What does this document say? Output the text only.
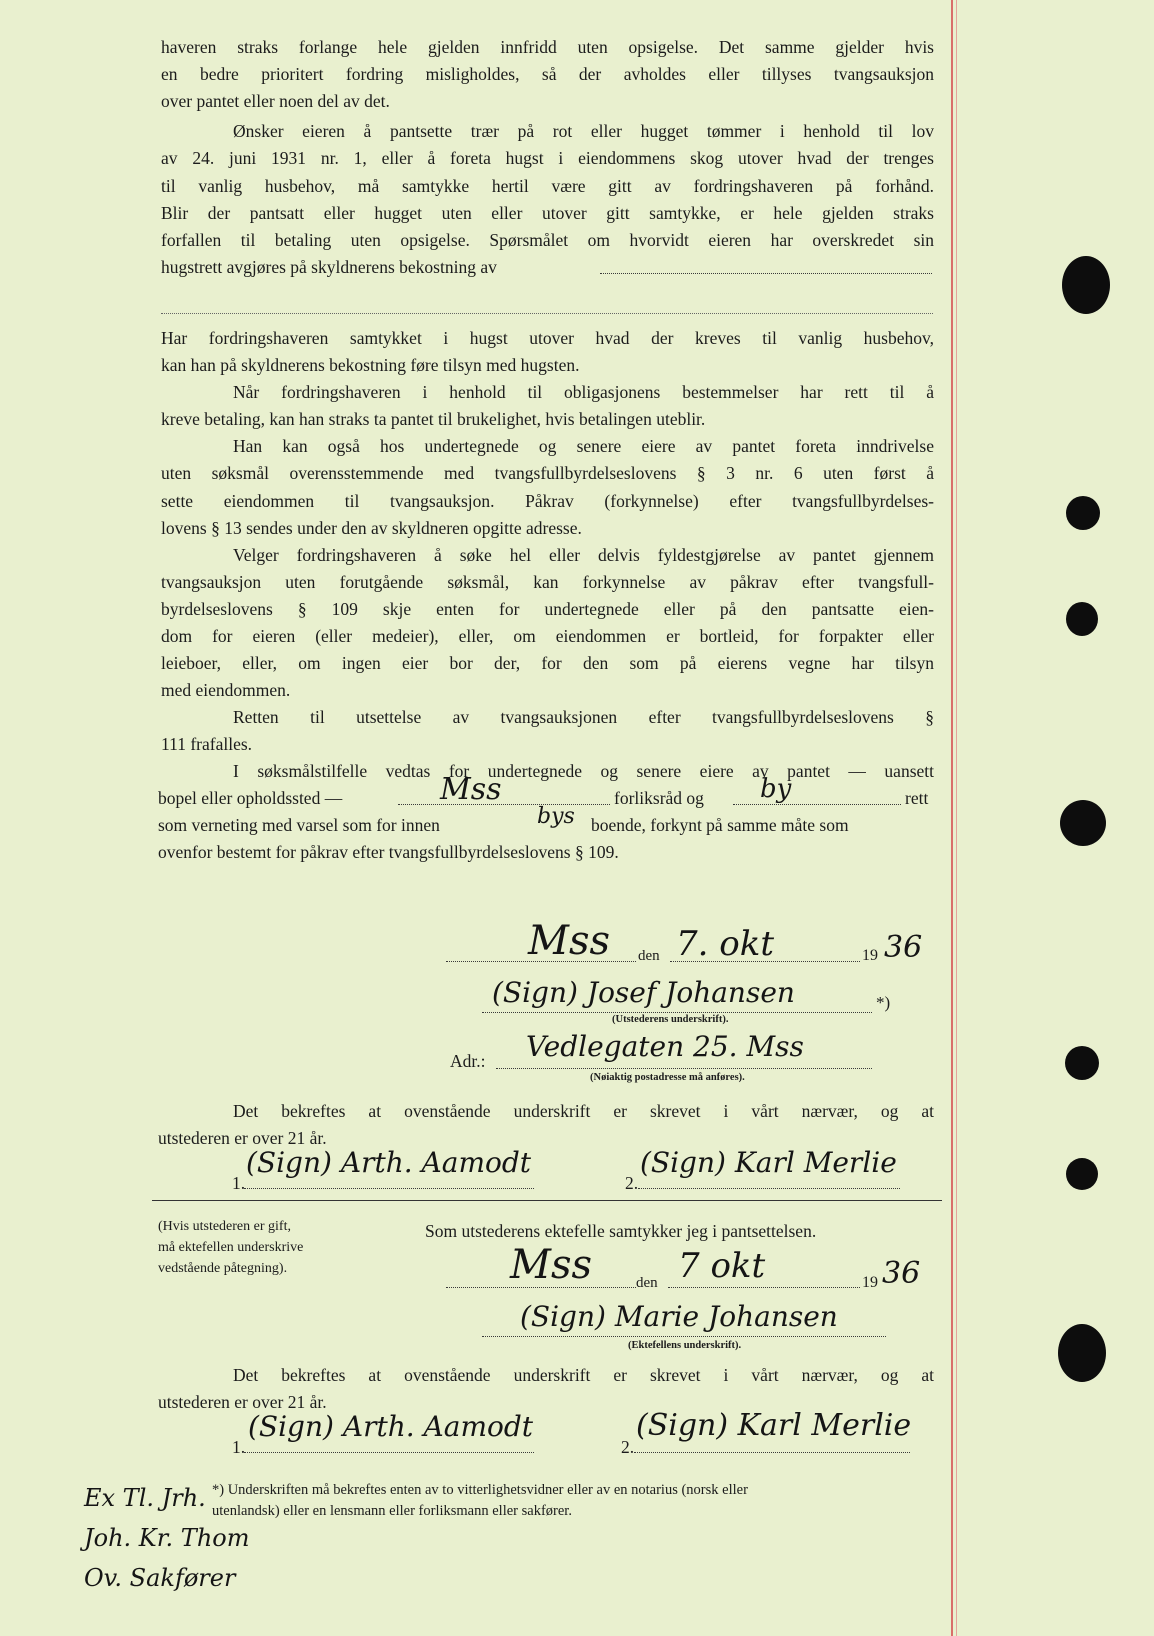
haveren straks forlange hele gjelden innfridd uten opsigelse. Det samme gjelder hvis
en bedre prioritert fordring misligholdes, så der avholdes eller tillyses tvangsauksjon
over pantet eller noen del av det.
Ønsker eieren å pantsette trær på rot eller hugget tømmer i henhold til lov
av 24. juni 1931 nr. 1, eller å foreta hugst i eiendommens skog utover hvad der trenges
til vanlig husbehov, må samtykke hertil være gitt av fordringshaveren på forhånd.
Blir der pantsatt eller hugget uten eller utover gitt samtykke, er hele gjelden straks
forfallen til betaling uten opsigelse. Spørsmålet om hvorvidt eieren har overskredet sin
hugstrett avgjøres på skyldnerens bekostning av
Har fordringshaveren samtykket i hugst utover hvad der kreves til vanlig husbehov,
kan han på skyldnerens bekostning føre tilsyn med hugsten.
Når fordringshaveren i henhold til obligasjonens bestemmelser har rett til å
kreve betaling, kan han straks ta pantet til brukelighet, hvis betalingen uteblir.
Han kan også hos undertegnede og senere eiere av pantet foreta inndrivelse
uten søksmål overensstemmende med tvangsfullbyrdelseslovens § 3 nr. 6 uten først å
sette eiendommen til tvangsauksjon. Påkrav (forkynnelse) efter tvangsfullbyrdelses-
lovens § 13 sendes under den av skyldneren opgitte adresse.
Velger fordringshaveren å søke hel eller delvis fyldestgjørelse av pantet gjennem
tvangsauksjon uten forutgående søksmål, kan forkynnelse av påkrav efter tvangsfull-
byrdelseslovens § 109 skje enten for undertegnede eller på den pantsatte eien-
dom for eieren (eller medeier), eller, om eiendommen er bortleid, for forpakter eller
leieboer, eller, om ingen eier bor der, for den som på eierens vegne har tilsyn
med eiendommen.
Retten til utsettelse av tvangsauksjonen efter tvangsfullbyrdelseslovens §
111 frafalles.
I søksmålstilfelle vedtas for undertegnede og senere eiere av pantet — uansett
bopel eller opholdssted —	Mss	forliksråd og by	rett
som verneting med varsel som for innen	bys boende, forkynt på samme måte som
ovenfor bestemt for påkrav efter tvangsfullbyrdelseslovens § 109.
Mss den 7. okt	19 36
(Sign) Josef Johansen	*)
(Utstederens underskrift).
Adr.: Vedlegaten 25. Mss
(Nøiaktig postadresse må anføres).
Det bekreftes at ovenstående underskrift er skrevet i vårt nærvær, og at
utstederen er over 21 år.
1.
(Sign) Arth. Aamodt
2.
(Sign) Karl Merlie
(Hvis utstederen er gift,
må ektefellen underskrive
vedstående påtegning).
Som utstederens ektefelle samtykker jeg i pantsettelsen.
Mss	den 7 okt	19 36
(Sign) Marie Johansen
(Ektefellens underskrift).
Det bekreftes at ovenstående underskrift er skrevet i vårt nærvær, og at
utstederen er over 21 år.
1.
(Sign) Arth. Aamodt
2.
(Sign) Karl Merlie
*) Underskriften må bekreftes enten av to vitterlighetsvidner eller av en notarius (norsk eller
utenlandsk) eller en lensmann eller forliksmann eller sakfører.
Ex Tl. Jrh.
Joh. Kr. Thom
Ov. Sakfører
